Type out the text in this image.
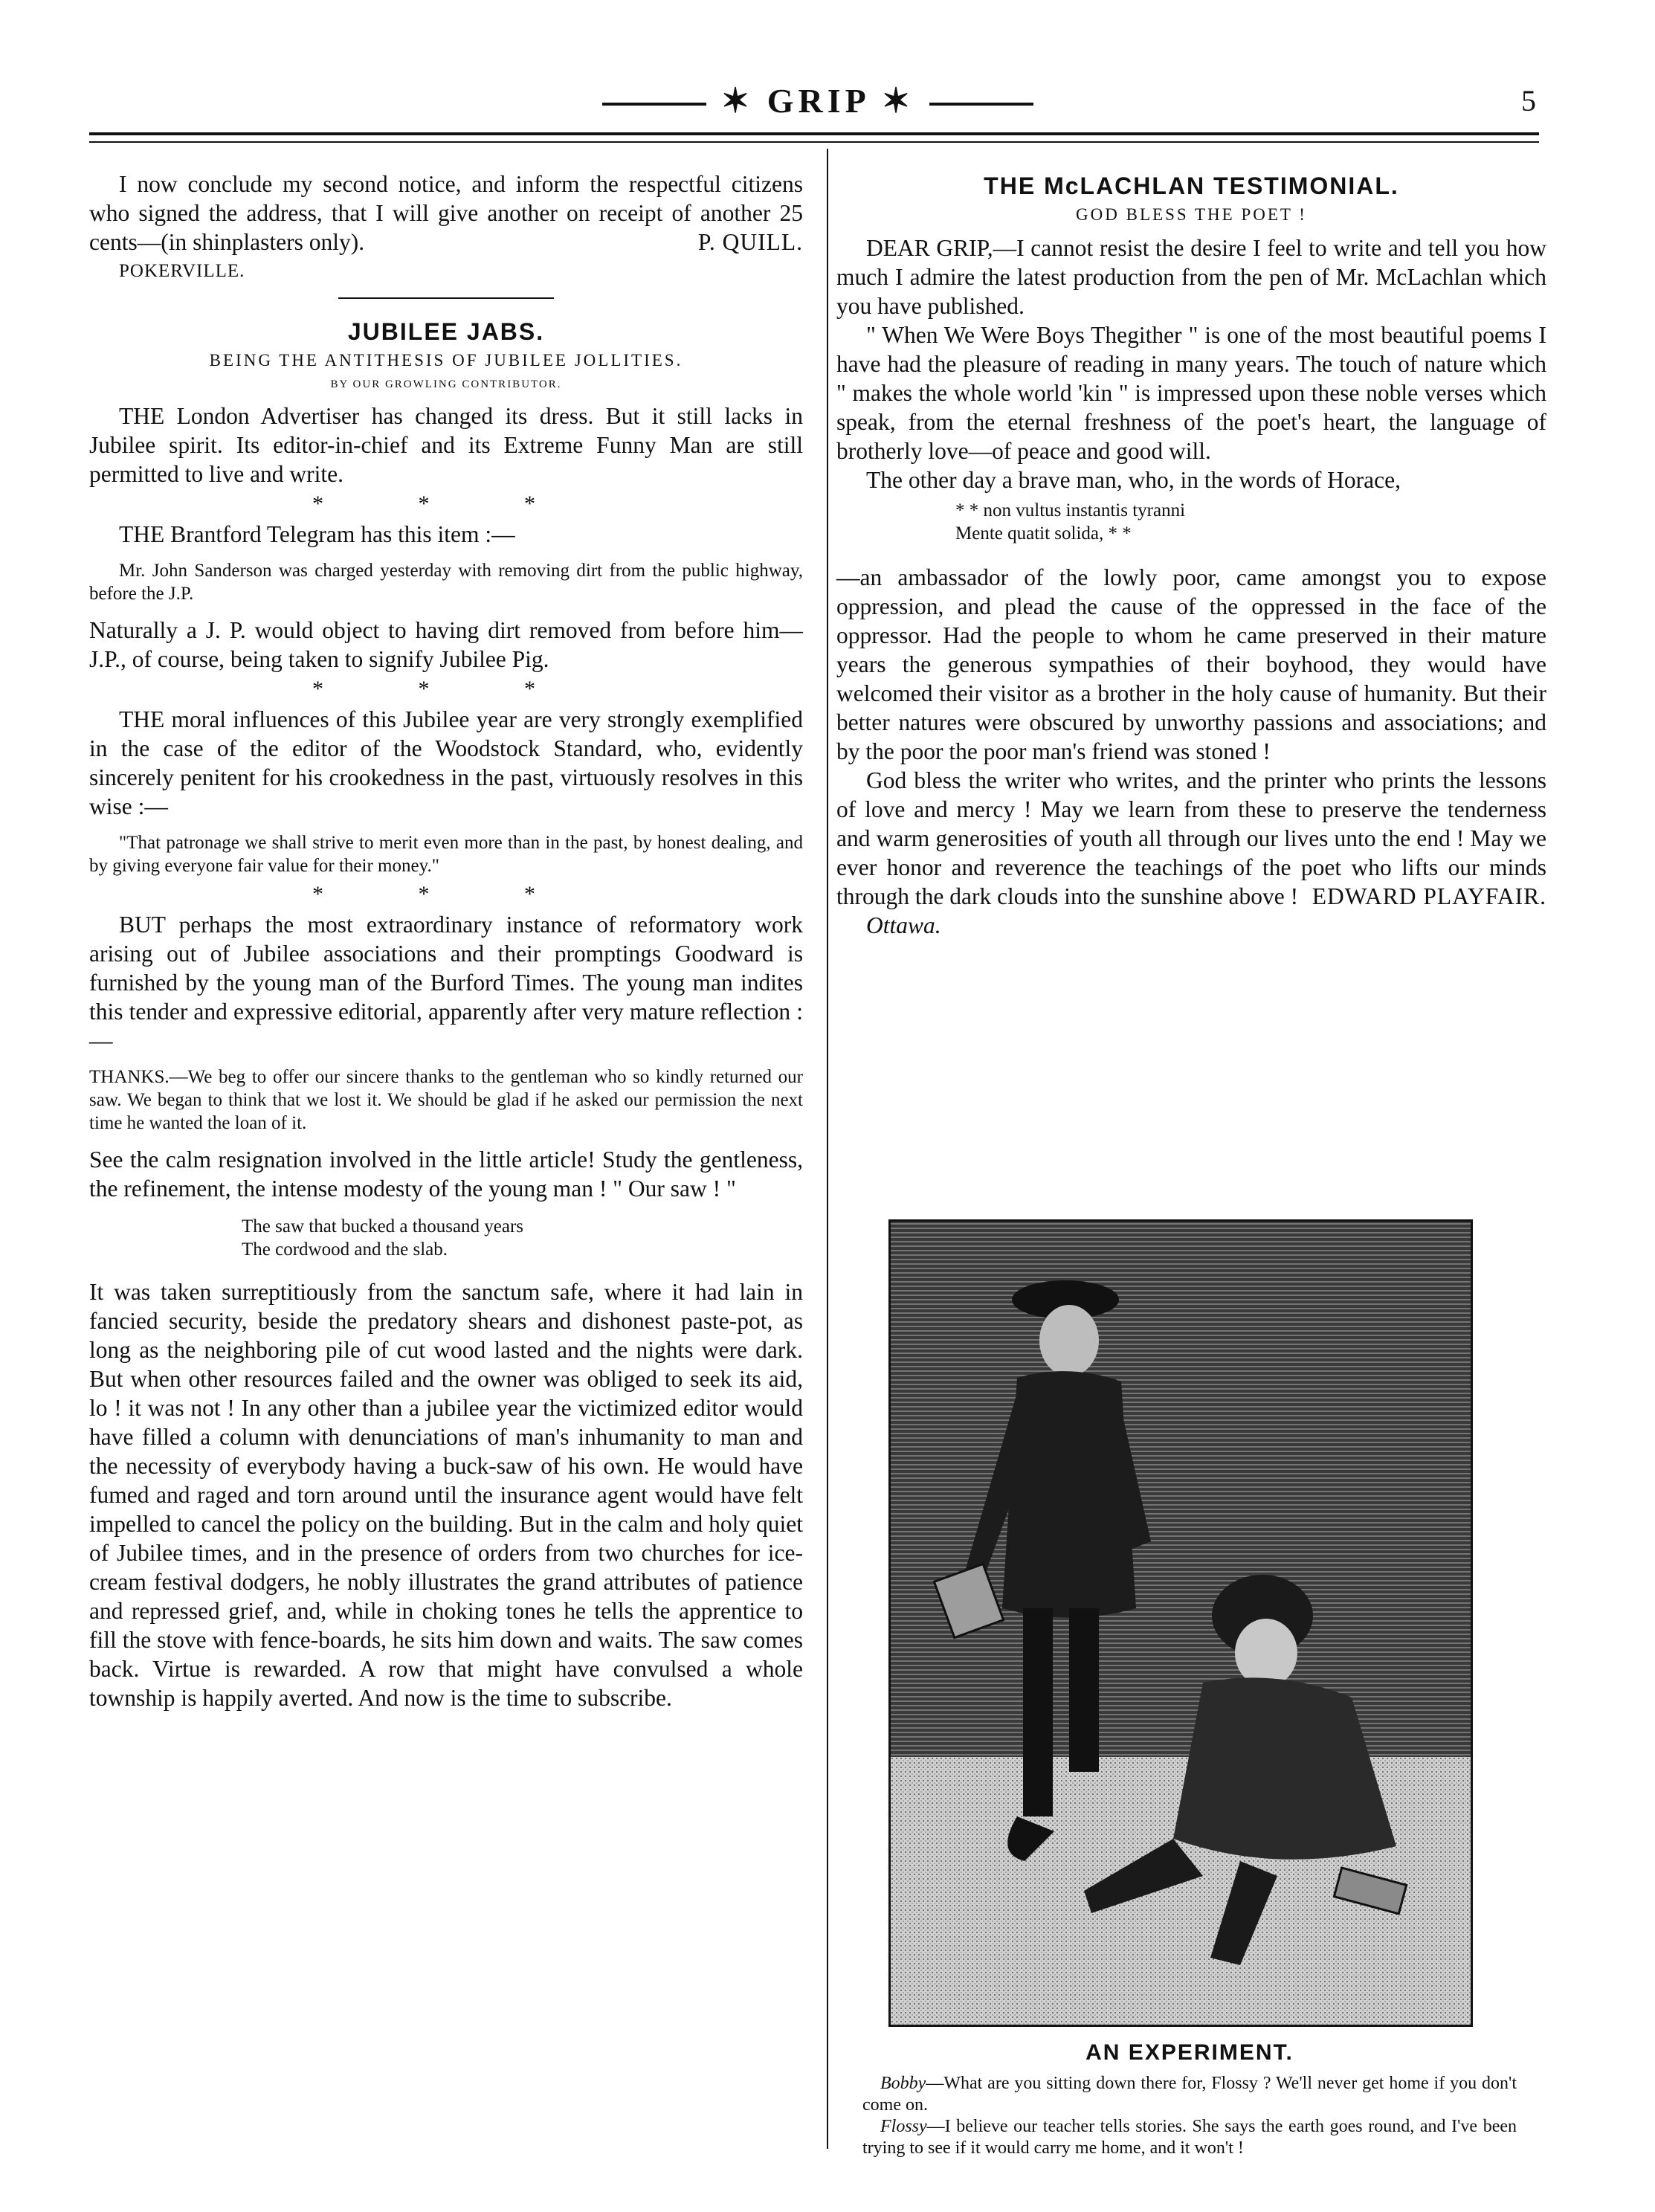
✶ GRIP ✶	5

I now conclude my second notice, and inform the respectful citizens who signed the address, that I will give another on receipt of another 25 cents—(in shinplasters only).	P. QUILL.

POKERVILLE.

JUBILEE JABS.

BEING THE ANTITHESIS OF JUBILEE JOLLITIES.

BY OUR GROWLING CONTRIBUTOR.

THE London Advertiser has changed its dress. But it still lacks in Jubilee spirit. Its editor-in-chief and its Extreme Funny Man are still permitted to live and write.

* * *

THE Brantford Telegram has this item :—

Mr. John Sanderson was charged yesterday with removing dirt from the public highway, before the J.P.

Naturally a J. P. would object to having dirt removed from before him—J.P., of course, being taken to signify Jubilee Pig.

* * *

THE moral influences of this Jubilee year are very strongly exemplified in the case of the editor of the Woodstock Standard, who, evidently sincerely penitent for his crookedness in the past, virtuously resolves in this wise :—

"That patronage we shall strive to merit even more than in the past, by honest dealing, and by giving everyone fair value for their money."

* * *

BUT perhaps the most extraordinary instance of reformatory work arising out of Jubilee associations and their promptings Goodward is furnished by the young man of the Burford Times. The young man indites this tender and expressive editorial, apparently after very mature reflection :—

THANKS.—We beg to offer our sincere thanks to the gentleman who so kindly returned our saw. We began to think that we lost it. We should be glad if he asked our permission the next time he wanted the loan of it.

See the calm resignation involved in the little article! Study the gentleness, the refinement, the intense modesty of the young man ! " Our saw ! "

The saw that bucked a thousand years

The cordwood and the slab.

It was taken surreptitiously from the sanctum safe, where it had lain in fancied security, beside the predatory shears and dishonest paste-pot, as long as the neighboring pile of cut wood lasted and the nights were dark. But when other resources failed and the owner was obliged to seek its aid, lo ! it was not ! In any other than a jubilee year the victimized editor would have filled a column with denunciations of man's inhumanity to man and the necessity of everybody having a buck-saw of his own. He would have fumed and raged and torn around until the insurance agent would have felt impelled to cancel the policy on the building. But in the calm and holy quiet of Jubilee times, and in the presence of orders from two churches for ice-cream festival dodgers, he nobly illustrates the grand attributes of patience and repressed grief, and, while in choking tones he tells the apprentice to fill the stove with fence-boards, he sits him down and waits. The saw comes back. Virtue is rewarded. A row that might have convulsed a whole township is happily averted. And now is the time to subscribe.

THE McLACHLAN TESTIMONIAL.

GOD BLESS THE POET !

DEAR GRIP,—I cannot resist the desire I feel to write and tell you how much I admire the latest production from the pen of Mr. McLachlan which you have published.

" When We Were Boys Thegither " is one of the most beautiful poems I have had the pleasure of reading in many years. The touch of nature which " makes the whole world 'kin " is impressed upon these noble verses which speak, from the eternal freshness of the poet's heart, the language of brotherly love—of peace and good will.

The other day a brave man, who, in the words of Horace,

* * non vultus instantis tyranni

Mente quatit solida, * *

—an ambassador of the lowly poor, came amongst you to expose oppression, and plead the cause of the oppressed in the face of the oppressor. Had the people to whom he came preserved in their mature years the generous sympathies of their boyhood, they would have welcomed their visitor as a brother in the holy cause of humanity. But their better natures were obscured by unworthy passions and associations; and by the poor the poor man's friend was stoned !

God bless the writer who writes, and the printer who prints the lessons of love and mercy ! May we learn from these to preserve the tenderness and warm generosities of youth all through our lives unto the end ! May we ever honor and reverence the teachings of the poet who lifts our minds through the dark clouds into the sunshine above ! EDWARD PLAYFAIR.

Ottawa.

AN EXPERIMENT.

Bobby—What are you sitting down there for, Flossy ? We'll never get home if you don't come on.

Flossy—I believe our teacher tells stories. She says the earth goes round, and I've been trying to see if it would carry me home, and it won't !
